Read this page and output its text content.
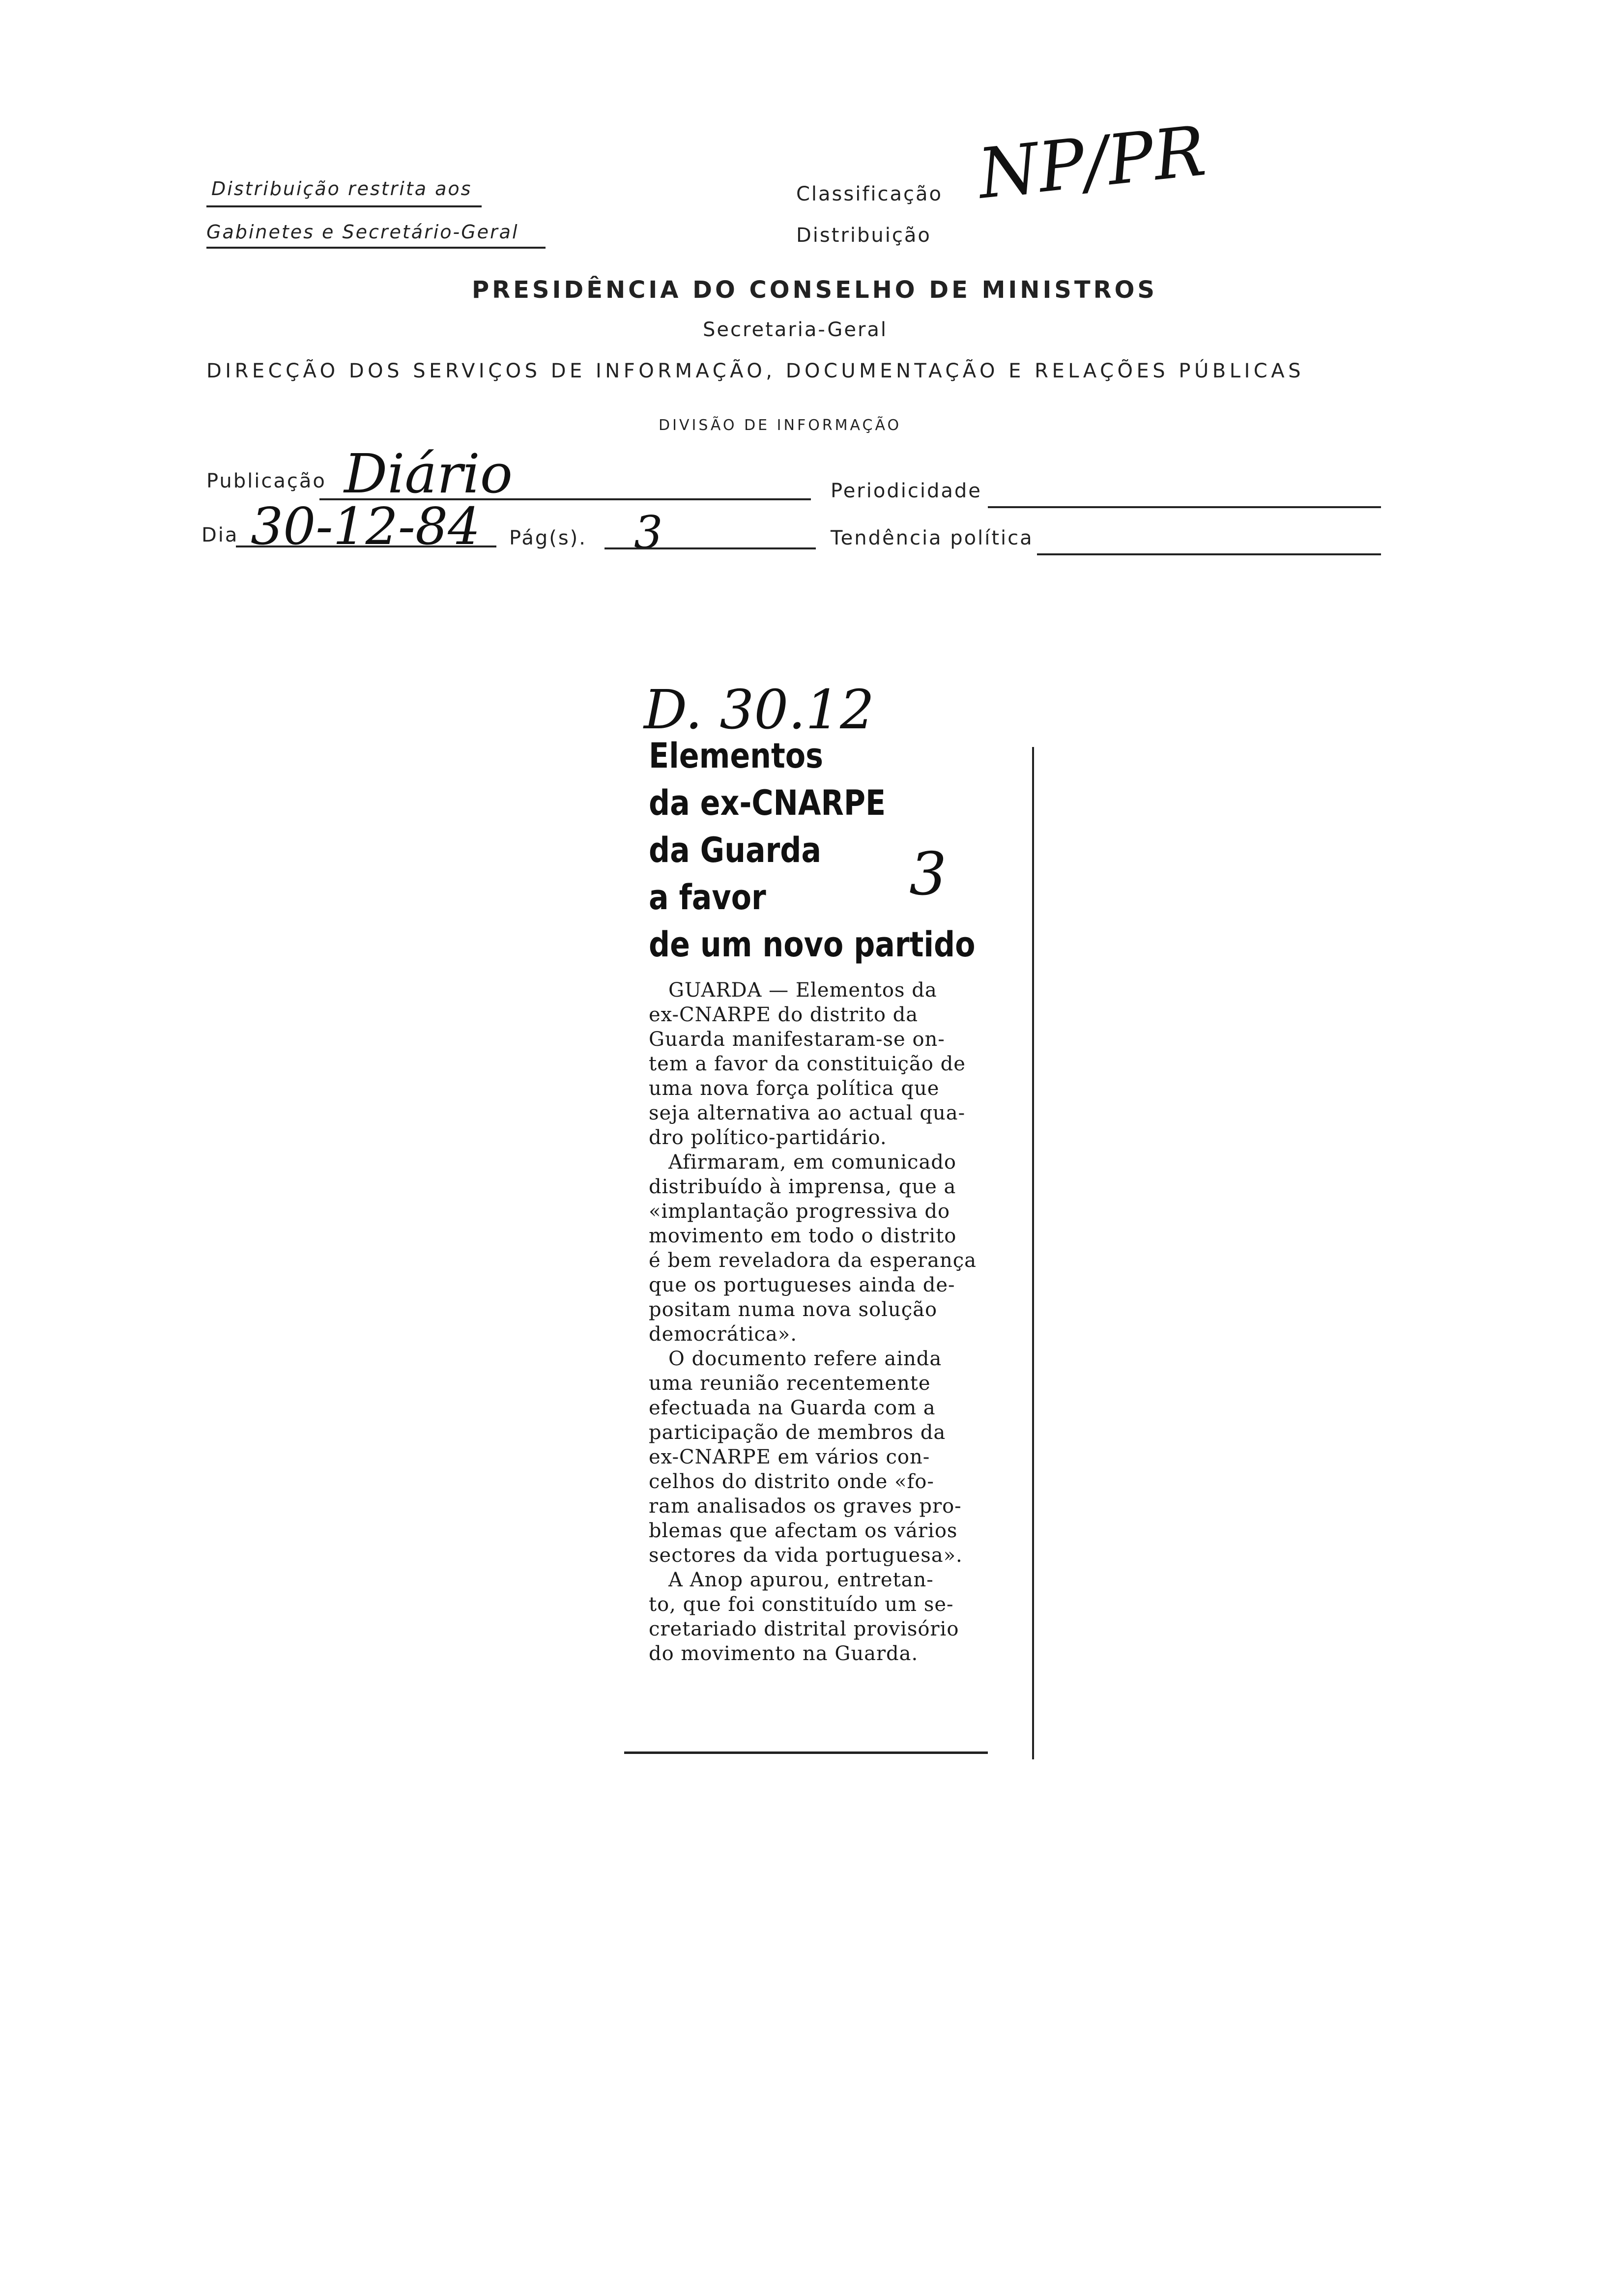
Distribuição restrita aos
Gabinetes e Secretário-Geral
Classificação NP/PR
Distribuição
PRESIDÊNCIA DO CONSELHO DE MINISTROS
Secretaria-Geral
DIRECÇÃO DOS SERVIÇOS DE INFORMAÇÃO, DOCUMENTAÇÃO E RELAÇÕES PÚBLICAS
DIVISÃO DE INFORMAÇÃO
Publicação Diário	Periodicidade
Dia 30-12-84 Pág(s). 3	Tendência política
D. 30.12
Elementos
da ex-CNARPE
da Guarda
a favor
de um novo partido
3
GUARDA — Elementos da
ex-CNARPE do distrito da
Guarda manifestaram-se on-
tem a favor da constituição de
uma nova força política que
seja alternativa ao actual qua-
dro político-partidário.
Afirmaram, em comunicado
distribuído à imprensa, que a
«implantação progressiva do
movimento em todo o distrito
é bem reveladora da esperança
que os portugueses ainda de-
positam numa nova solução
democrática».
O documento refere ainda
uma reunião recentemente
efectuada na Guarda com a
participação de membros da
ex-CNARPE em vários con-
celhos do distrito onde «fo-
ram analisados os graves pro-
blemas que afectam os vários
sectores da vida portuguesa».
A Anop apurou, entretan-
to, que foi constituído um se-
cretariado distrital provisório
do movimento na Guarda.
